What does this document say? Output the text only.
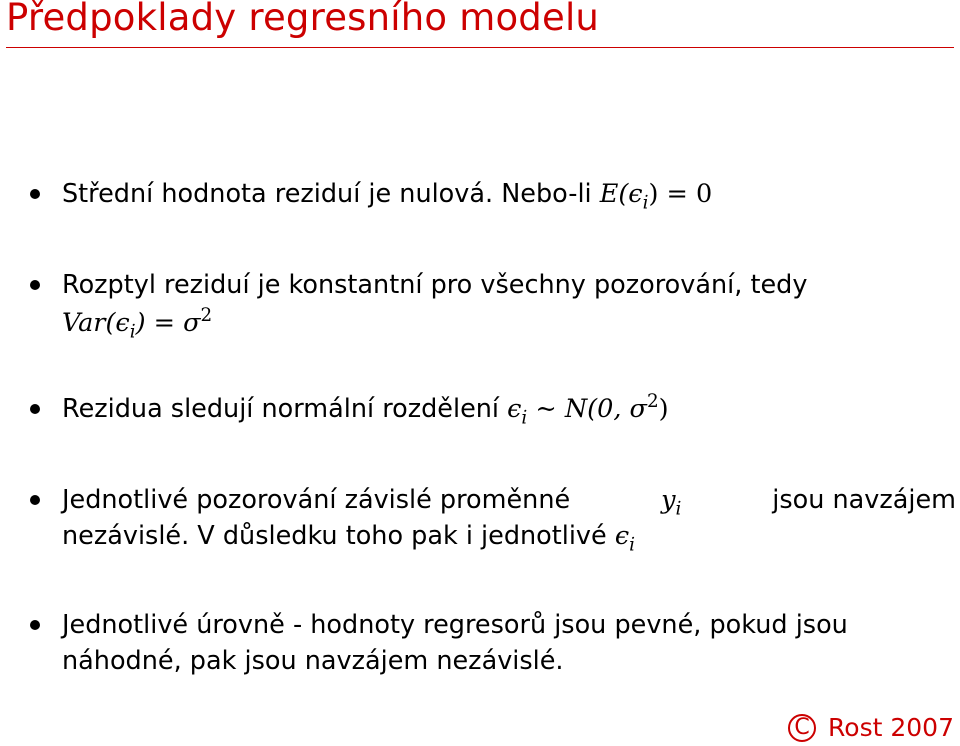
Předpoklady regresního modelu
Střední hodnota reziduí je nulová. Nebo-li $E(\epsilon_i) = 0$
Rozptyl reziduí je konstantní pro všechny pozorování, tedy
$Var(\epsilon_i) = \sigma^2$
Rezidua sledují normální rozdělení $\epsilon_i$ ∼ N(0, $\sigma^2$)
Jednotlivé pozorování závislé proměnné	$y_i$	jsou navzájem
nezávislé. V důsledku toho pak i jednotlivé $\epsilon_i$
Jednotlivé úrovně - hodnoty regresorů jsou pevné, pokud jsou
náhodné, pak jsou navzájem nezávislé.
C Rost 2007
